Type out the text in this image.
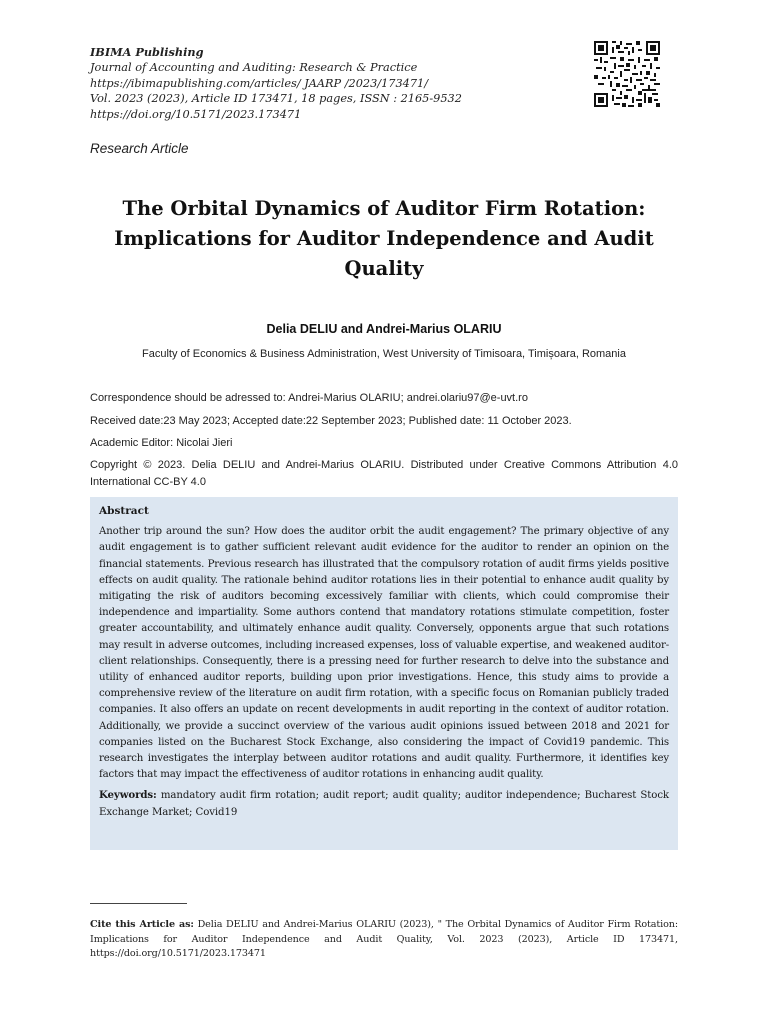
IBIMA Publishing
Journal of Accounting and Auditing: Research & Practice
https://ibimapublishing.com/articles/ JAARP /2023/173471/
Vol. 2023 (2023), Article ID 173471, 18 pages, ISSN : 2165-9532
https://doi.org/10.5171/2023.173471
Research Article
The Orbital Dynamics of Auditor Firm Rotation:
Implications for Auditor Independence and Audit
Quality
Delia DELIU and Andrei-Marius OLARIU
Faculty of Economics & Business Administration, West University of Timisoara, Timișoara, Romania
Correspondence should be adressed to: Andrei-Marius OLARIU; andrei.olariu97@e-uvt.ro
Received date:23 May 2023; Accepted date:22 September 2023; Published date: 11 October 2023.
Academic Editor: Nicolai Jieri
Copyright © 2023. Delia DELIU and Andrei-Marius OLARIU. Distributed under Creative Commons Attribution 4.0 International CC-BY 4.0
Abstract
Another trip around the sun? How does the auditor orbit the audit engagement? The primary objective of any audit engagement is to gather sufficient relevant audit evidence for the auditor to render an opinion on the financial statements. Previous research has illustrated that the compulsory rotation of audit firms yields positive effects on audit quality. The rationale behind auditor rotations lies in their potential to enhance audit quality by mitigating the risk of auditors becoming excessively familiar with clients, which could compromise their independence and impartiality. Some authors contend that mandatory rotations stimulate competition, foster greater accountability, and ultimately enhance audit quality. Conversely, opponents argue that such rotations may result in adverse outcomes, including increased expenses, loss of valuable expertise, and weakened auditor-client relationships. Consequently, there is a pressing need for further research to delve into the substance and utility of enhanced auditor reports, building upon prior investigations. Hence, this study aims to provide a comprehensive review of the literature on audit firm rotation, with a specific focus on Romanian publicly traded companies. It also offers an update on recent developments in audit reporting in the context of auditor rotation. Additionally, we provide a succinct overview of the various audit opinions issued between 2018 and 2021 for companies listed on the Bucharest Stock Exchange, also considering the impact of Covid19 pandemic. This research investigates the interplay between auditor rotations and audit quality. Furthermore, it identifies key factors that may impact the effectiveness of auditor rotations in enhancing audit quality.
Keywords: mandatory audit firm rotation; audit report; audit quality; auditor independence; Bucharest Stock Exchange Market; Covid19
Cite this Article as: Delia DELIU and Andrei-Marius OLARIU (2023), " The Orbital Dynamics of Auditor Firm Rotation: Implications for Auditor Independence and Audit Quality, Vol. 2023 (2023), Article ID 173471, https://doi.org/10.5171/2023.173471
